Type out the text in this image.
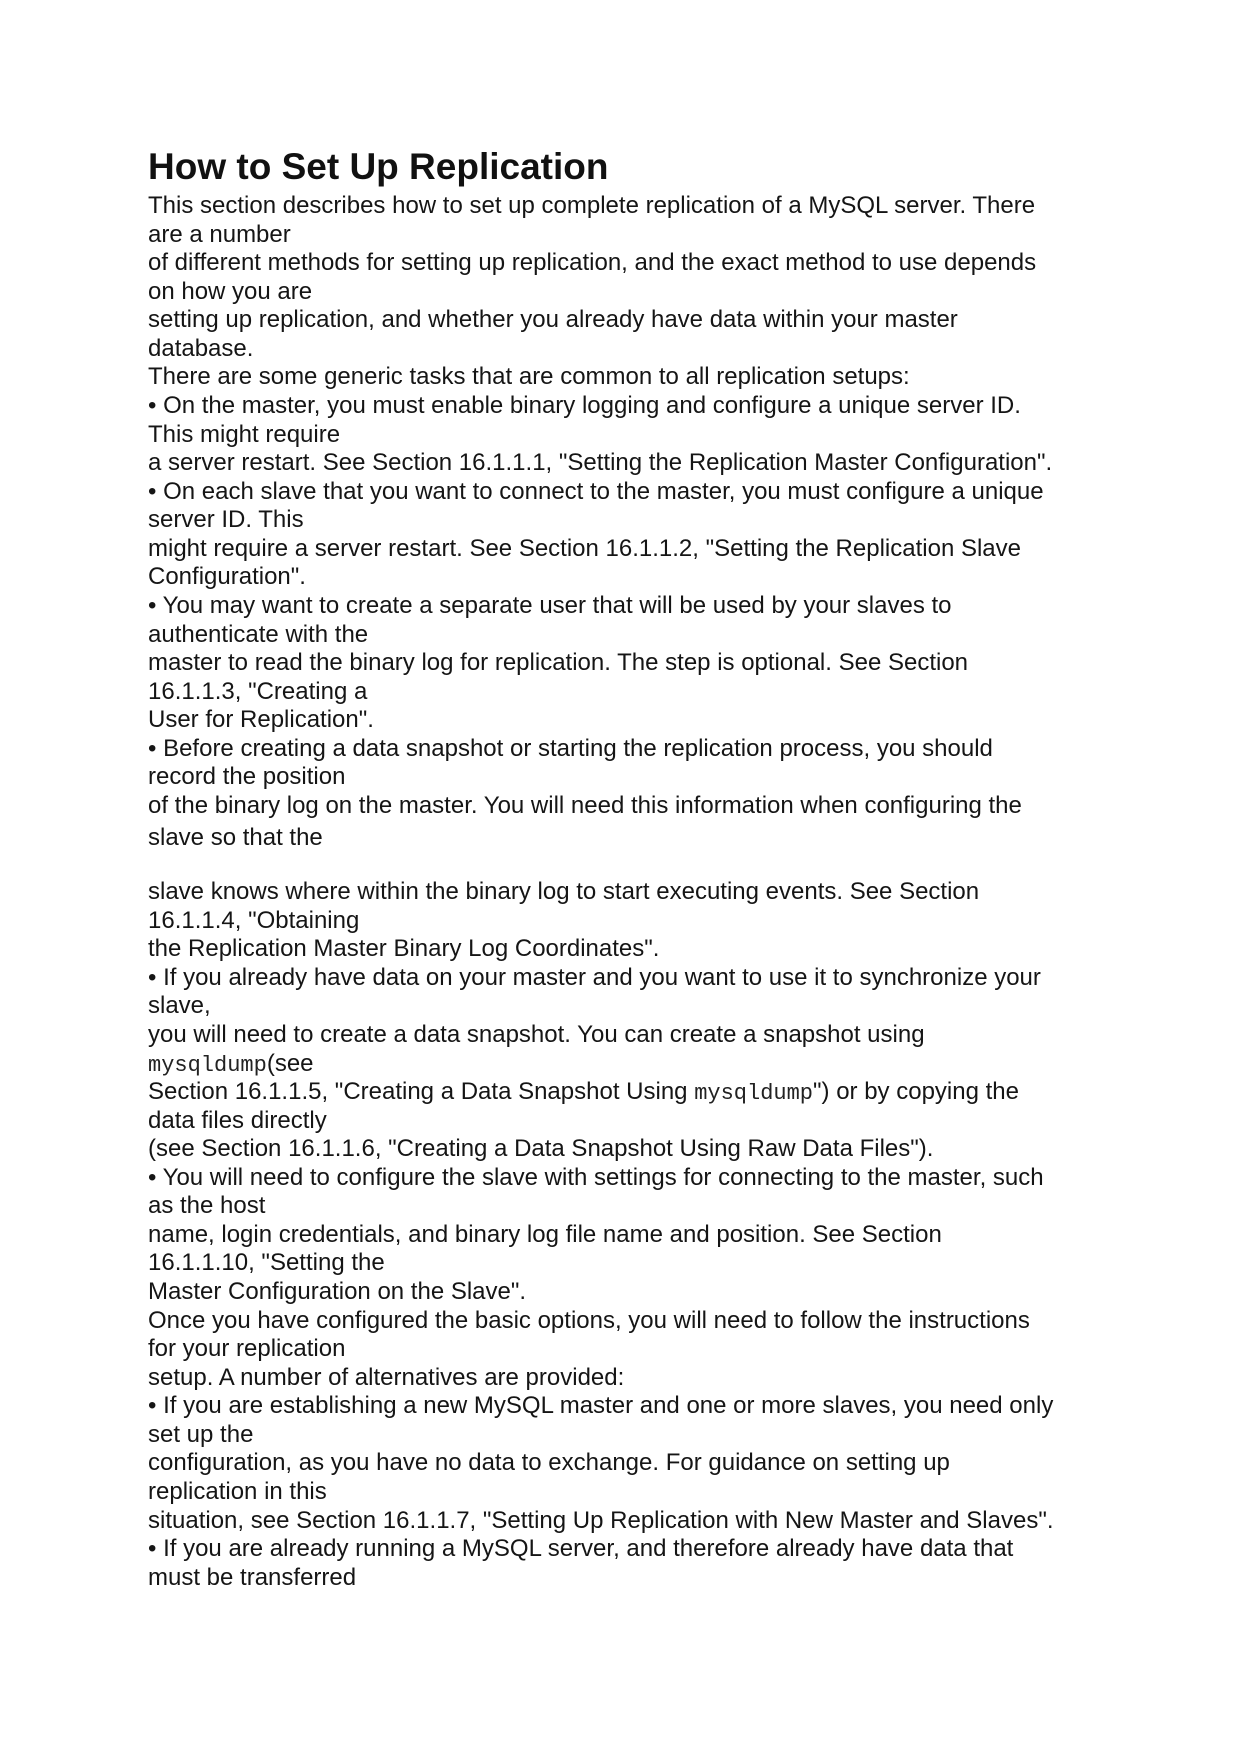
How to Set Up Replication

This section describes how to set up complete replication of a MySQL server. There

are a number

of different methods for setting up replication, and the exact method to use depends

on how you are

setting up replication, and whether you already have data within your master

database.

There are some generic tasks that are common to all replication setups:

• On the master, you must enable binary logging and configure a unique server ID.

This might require

a server restart. See Section 16.1.1.1, "Setting the Replication Master Configuration".

• On each slave that you want to connect to the master, you must configure a unique

server ID. This

might require a server restart. See Section 16.1.1.2, "Setting the Replication Slave

Configuration".

• You may want to create a separate user that will be used by your slaves to

authenticate with the

master to read the binary log for replication. The step is optional. See Section

16.1.1.3, "Creating a

User for Replication".

• Before creating a data snapshot or starting the replication process, you should

record the position

of the binary log on the master. You will need this information when configuring the

slave so that the

slave knows where within the binary log to start executing events. See Section

16.1.1.4, "Obtaining

the Replication Master Binary Log Coordinates".

• If you already have data on your master and you want to use it to synchronize your

slave,

you will need to create a data snapshot. You can create a snapshot using

mysqldump(see

Section 16.1.1.5, "Creating a Data Snapshot Using mysqldump") or by copying the

data files directly

(see Section 16.1.1.6, "Creating a Data Snapshot Using Raw Data Files").

• You will need to configure the slave with settings for connecting to the master, such

as the host

name, login credentials, and binary log file name and position. See Section

16.1.1.10, "Setting the

Master Configuration on the Slave".

Once you have configured the basic options, you will need to follow the instructions

for your replication

setup. A number of alternatives are provided:

• If you are establishing a new MySQL master and one or more slaves, you need only

set up the

configuration, as you have no data to exchange. For guidance on setting up

replication in this

situation, see Section 16.1.1.7, "Setting Up Replication with New Master and Slaves".

• If you are already running a MySQL server, and therefore already have data that

must be transferred
